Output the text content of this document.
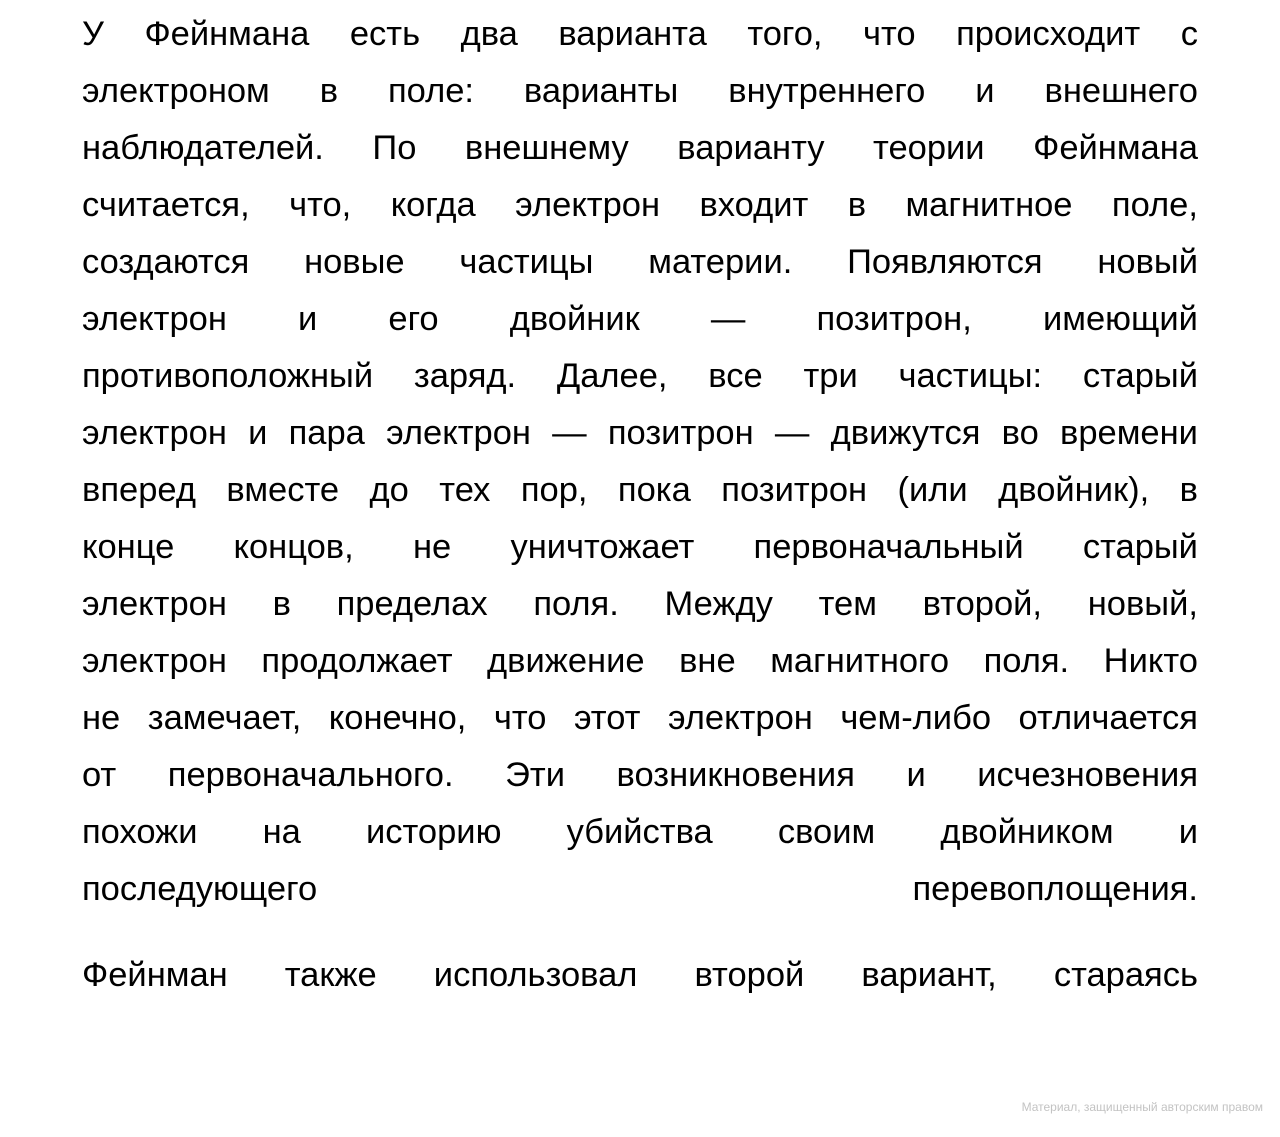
У Фейнмана есть два варианта того, что происходит с
электроном в поле: варианты внутреннего и внешнего
наблюдателей. По внешнему варианту теории Фейнмана
считается, что, когда электрон входит в магнитное поле,
создаются новые частицы материи. Появляются новый
электрон и его двойник — позитрон, имеющий
противоположный заряд. Далее, все три частицы: старый
электрон и пара электрон — позитрон — движутся во времени
вперед вместе до тех пор, пока позитрон (или двойник), в
конце концов, не уничтожает первоначальный старый
электрон в пределах поля. Между тем второй, новый,
электрон продолжает движение вне магнитного поля. Никто
не замечает, конечно, что этот электрон чем-либо отличается
от первоначального. Эти возникновения и исчезновения
похожи на историю убийства своим двойником и
последующего перевоплощения.
Фейнман также использовал второй вариант, стараясь
Материал, защищенный авторским правом
